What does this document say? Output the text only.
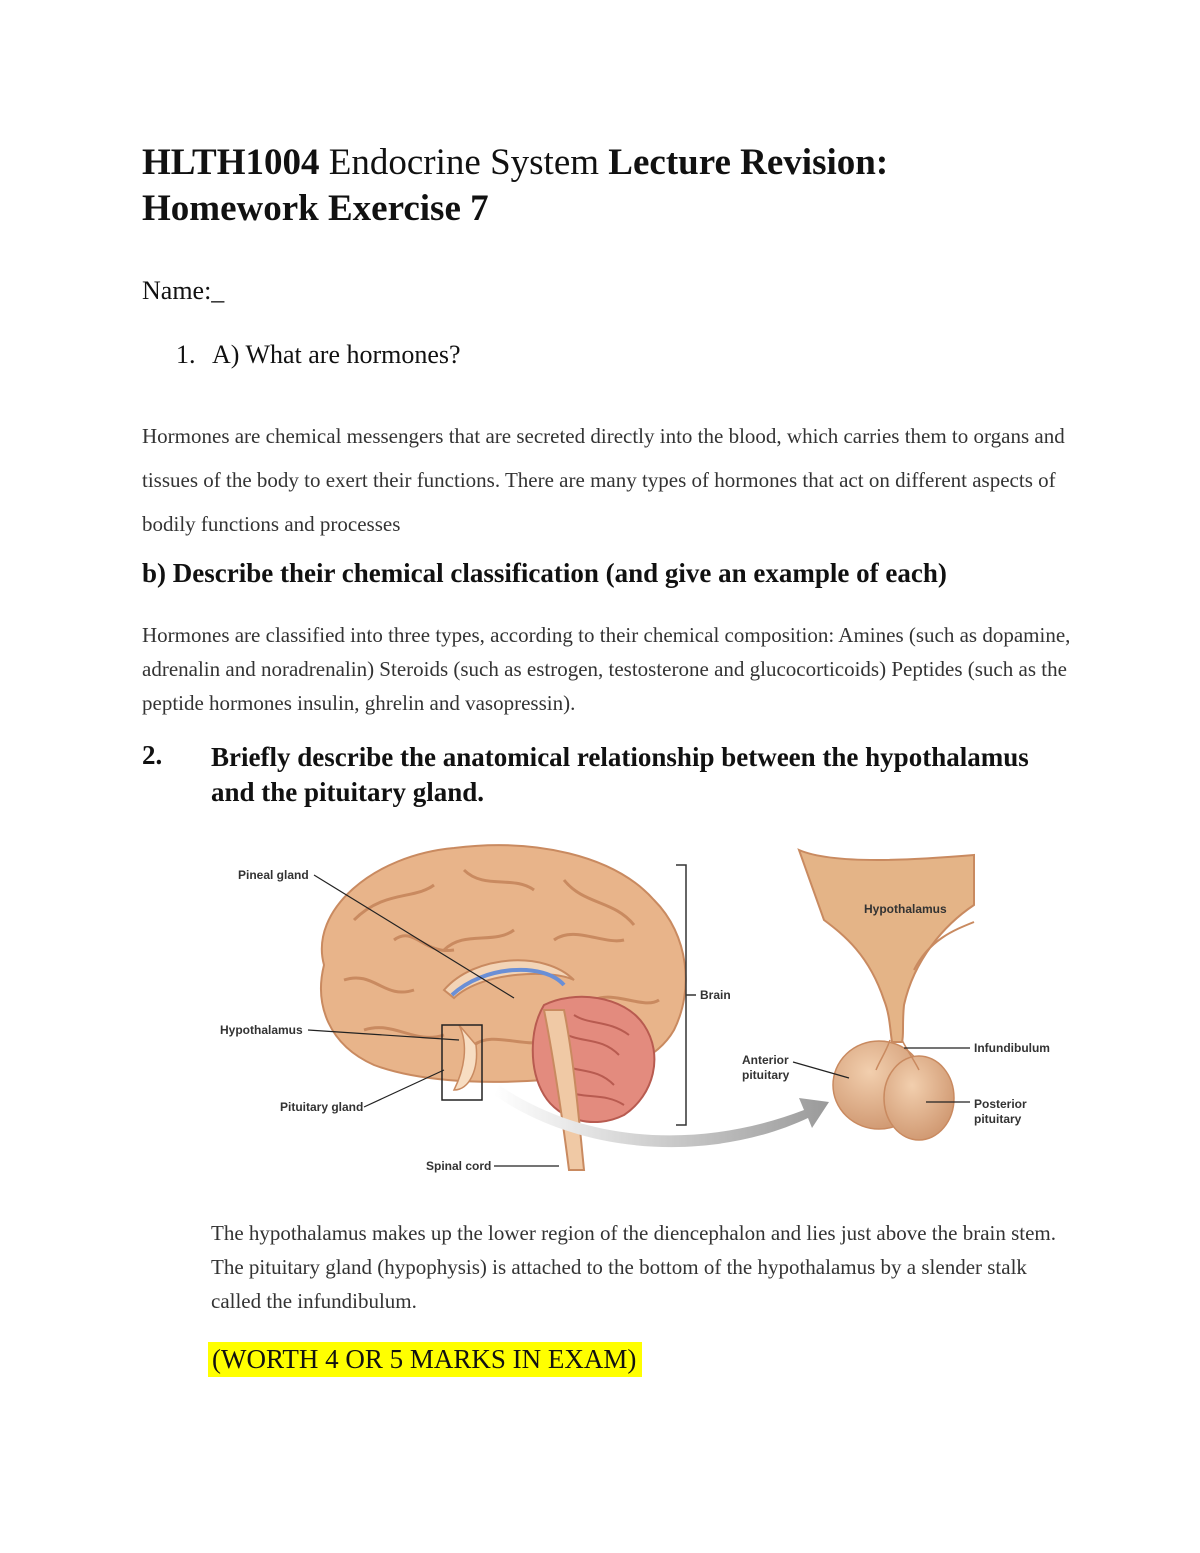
HLTH1004 Endocrine System Lecture Revision:
Homework Exercise 7
Name:_
1. A) What are hormones?
Hormones are chemical messengers that are secreted directly into the blood, which carries them to organs and tissues of the body to exert their functions. There are many types of hormones that act on different aspects of bodily functions and processes
b) Describe their chemical classification (and give an example of each)
Hormones are classified into three types, according to their chemical composition: Amines (such as dopamine, adrenalin and noradrenalin) Steroids (such as estrogen, testosterone and glucocorticoids) Peptides (such as the peptide hormones insulin, ghrelin and vasopressin).
2. Briefly describe the anatomical relationship between the hypothalamus and the pituitary gland.
Pineal gland
Hypothalamus
Pituitary gland
Spinal cord
Brain
Hypothalamus
Infundibulum
Anterior
pituitary
Posterior
pituitary
The hypothalamus makes up the lower region of the diencephalon and lies just above the brain stem. The pituitary gland (hypophysis) is attached to the bottom of the hypothalamus by a slender stalk called the infundibulum.
(WORTH 4 OR 5 MARKS IN EXAM)
